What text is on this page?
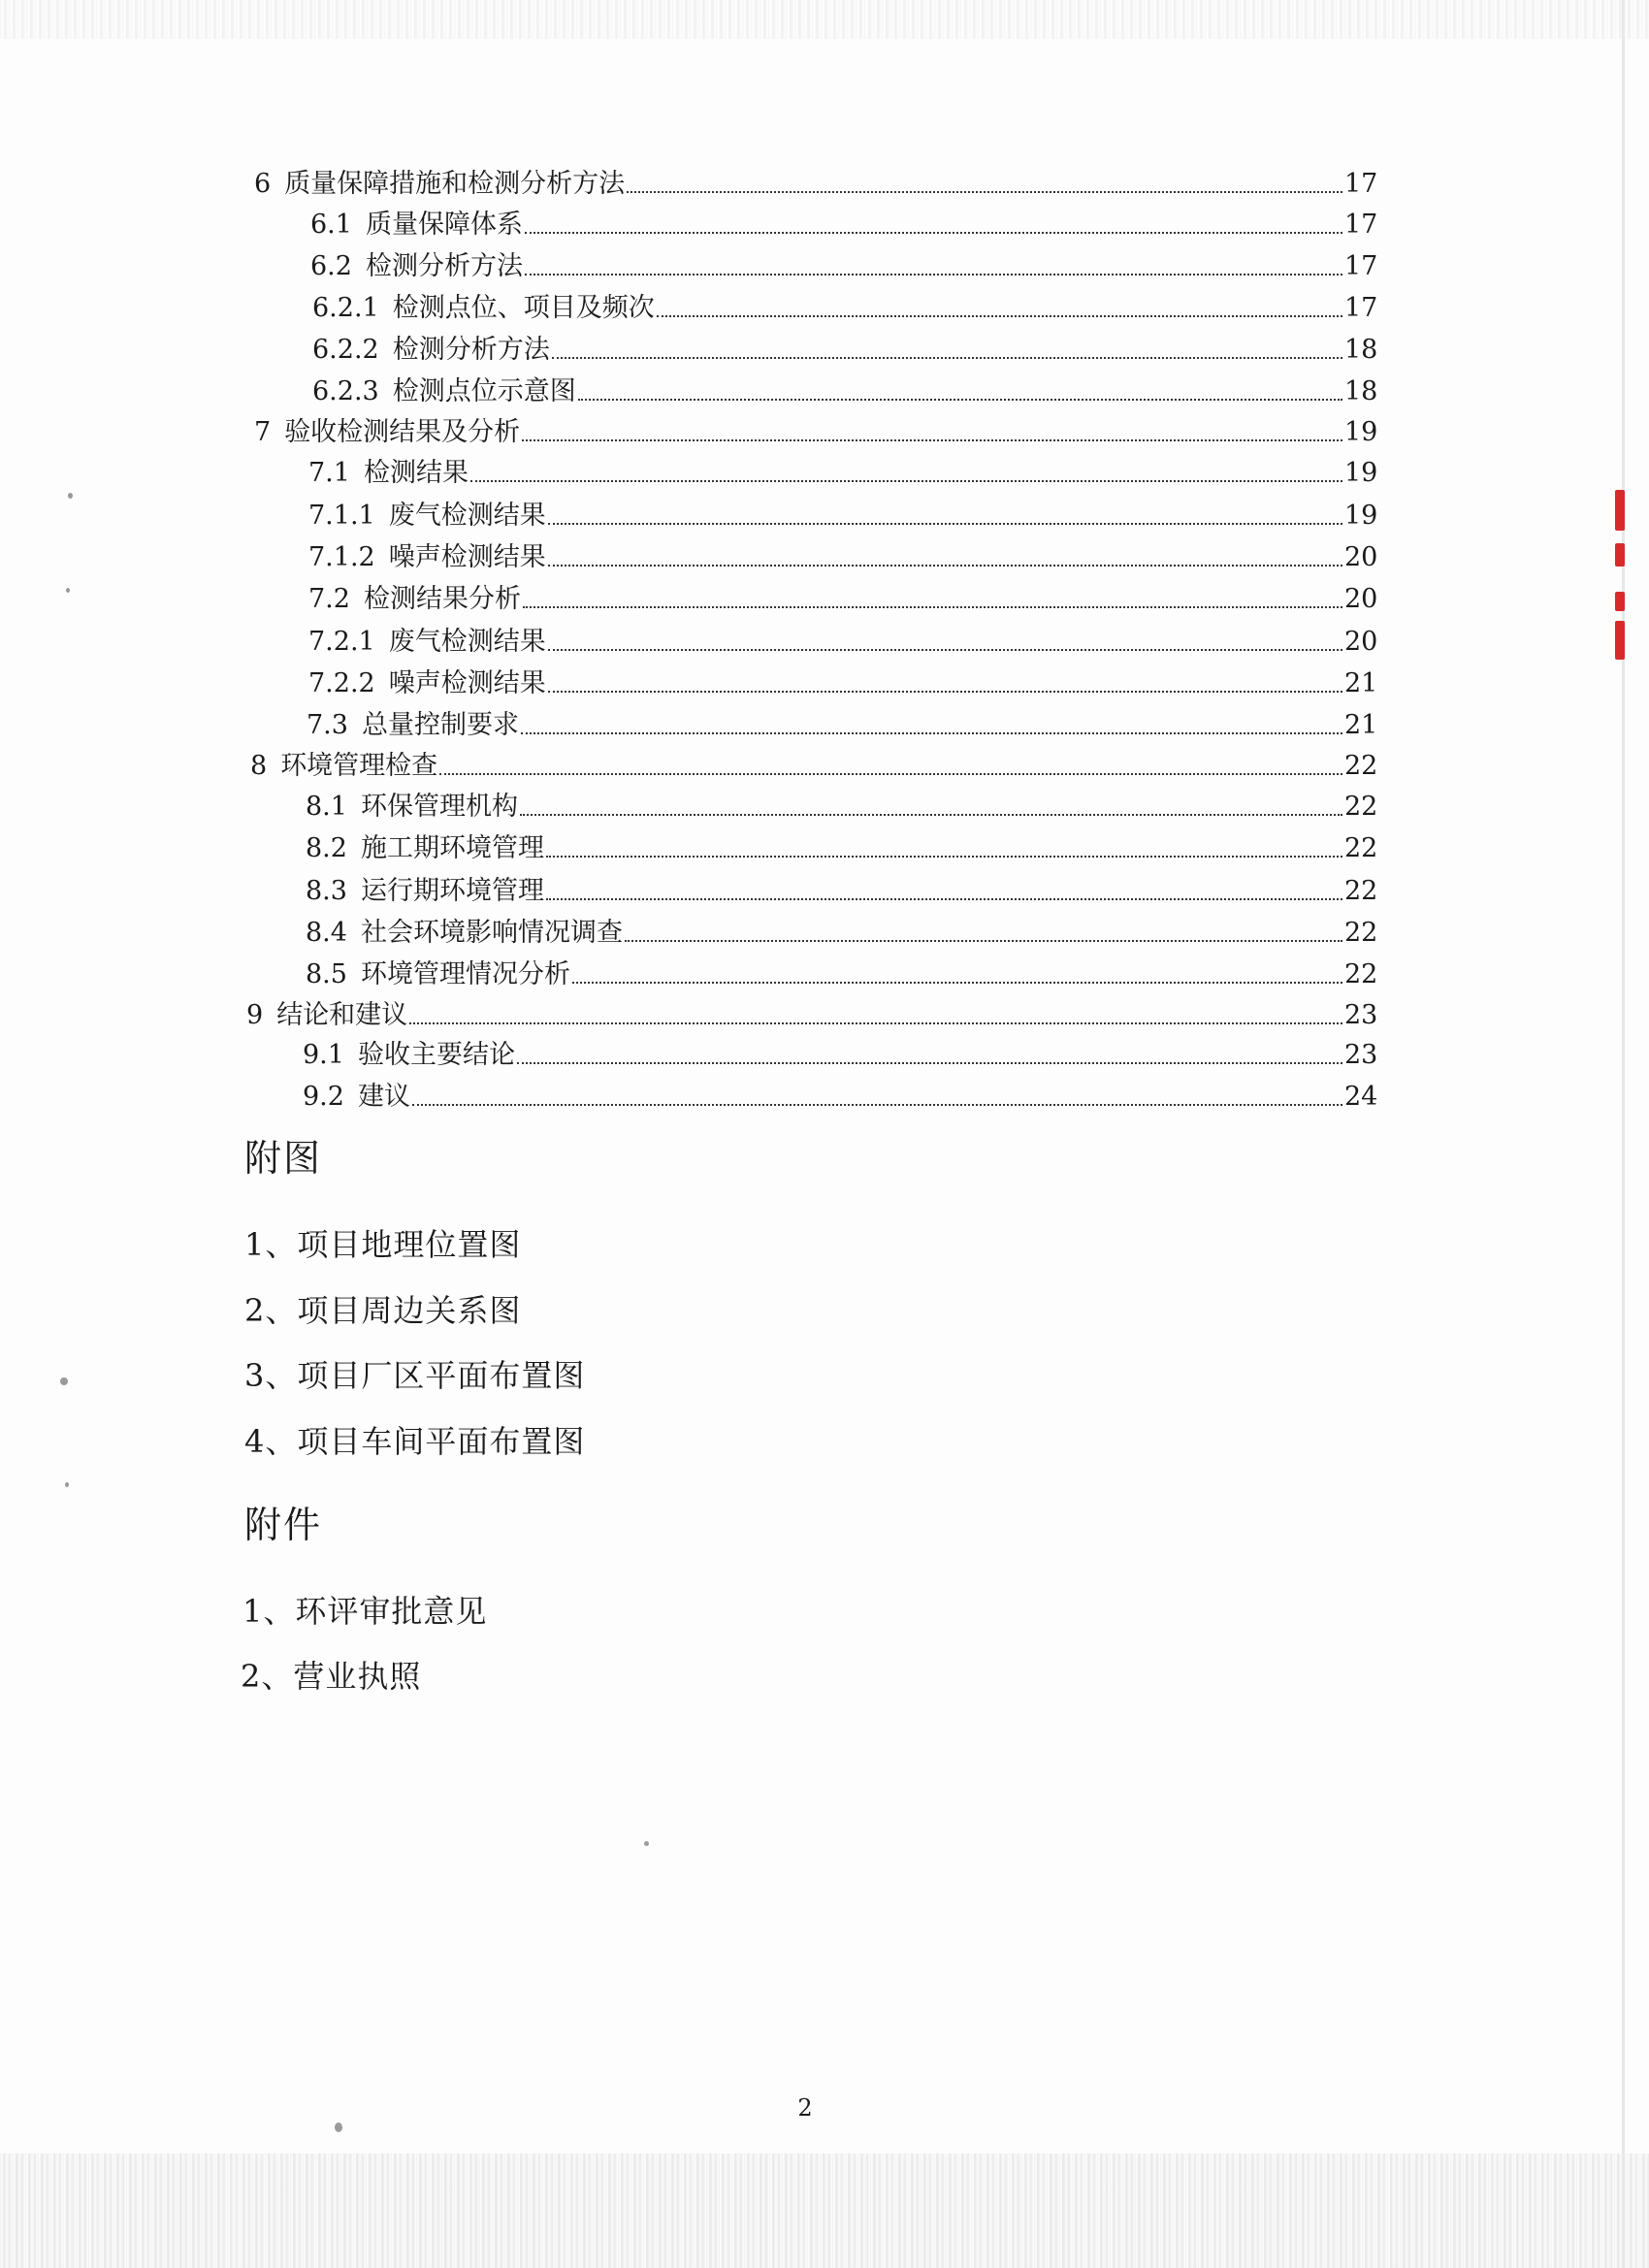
6 质量保障措施和检测分析方法	17
6.1 质量保障体系	17
6.2 检测分析方法	17
6.2.1 检测点位、项目及频次	17
6.2.2 检测分析方法	18
6.2.3 检测点位示意图	18
7 验收检测结果及分析	19
7.1 检测结果	19
7.1.1 废气检测结果	19
7.1.2 噪声检测结果	20
7.2 检测结果分析	20
7.2.1 废气检测结果	20
7.2.2 噪声检测结果	21
7.3 总量控制要求	21
8 环境管理检查	22
8.1 环保管理机构	22
8.2 施工期环境管理	22
8.3 运行期环境管理	22
8.4 社会环境影响情况调查	22
8.5 环境管理情况分析	22
9 结论和建议	23
9.1 验收主要结论	23
9.2 建议	24
附图
1、项目地理位置图
2、项目周边关系图
3、项目厂区平面布置图
4、项目车间平面布置图
附件
1、环评审批意见
2、营业执照
2
